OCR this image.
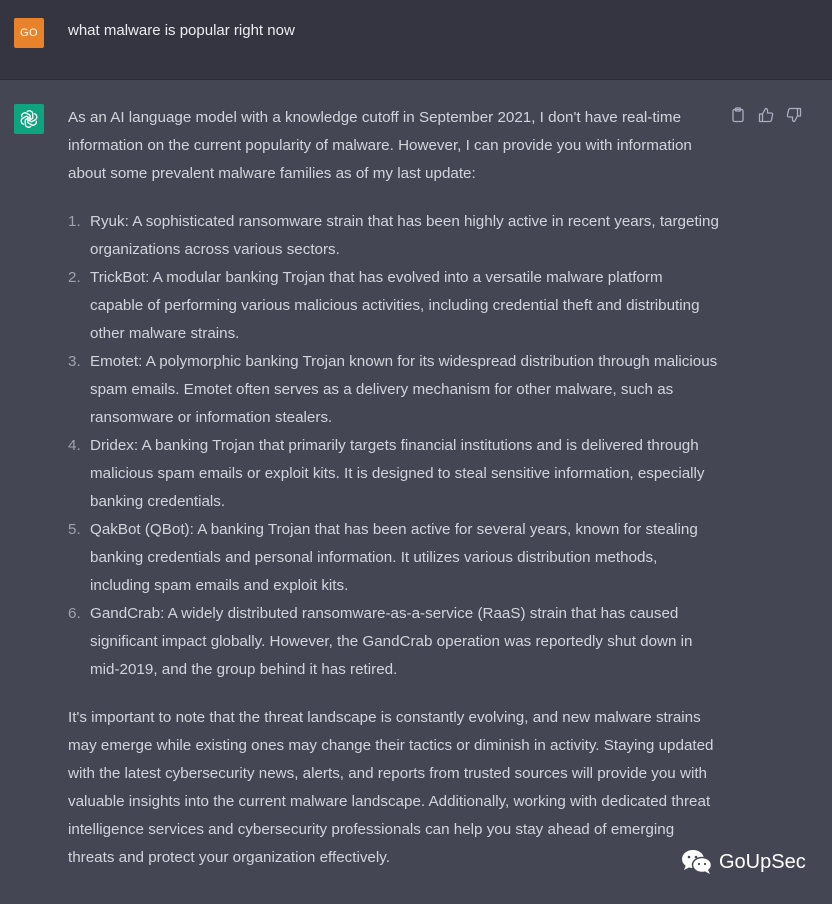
GO	what malware is popular right now

As an AI language model with a knowledge cutoff in September 2021, I don't have real-time information on the current popularity of malware. However, I can provide you with information about some prevalent malware families as of my last update:

1. Ryuk: A sophisticated ransomware strain that has been highly active in recent years, targeting organizations across various sectors.
2. TrickBot: A modular banking Trojan that has evolved into a versatile malware platform capable of performing various malicious activities, including credential theft and distributing other malware strains.
3. Emotet: A polymorphic banking Trojan known for its widespread distribution through malicious spam emails. Emotet often serves as a delivery mechanism for other malware, such as ransomware or information stealers.
4. Dridex: A banking Trojan that primarily targets financial institutions and is delivered through malicious spam emails or exploit kits. It is designed to steal sensitive information, especially banking credentials.
5. QakBot (QBot): A banking Trojan that has been active for several years, known for stealing banking credentials and personal information. It utilizes various distribution methods, including spam emails and exploit kits.
6. GandCrab: A widely distributed ransomware-as-a-service (RaaS) strain that has caused significant impact globally. However, the GandCrab operation was reportedly shut down in mid-2019, and the group behind it has retired.

It's important to note that the threat landscape is constantly evolving, and new malware strains may emerge while existing ones may change their tactics or diminish in activity. Staying updated with the latest cybersecurity news, alerts, and reports from trusted sources will provide you with valuable insights into the current malware landscape. Additionally, working with dedicated threat intelligence services and cybersecurity professionals can help you stay ahead of emerging threats and protect your organization effectively.	GoUpSec
